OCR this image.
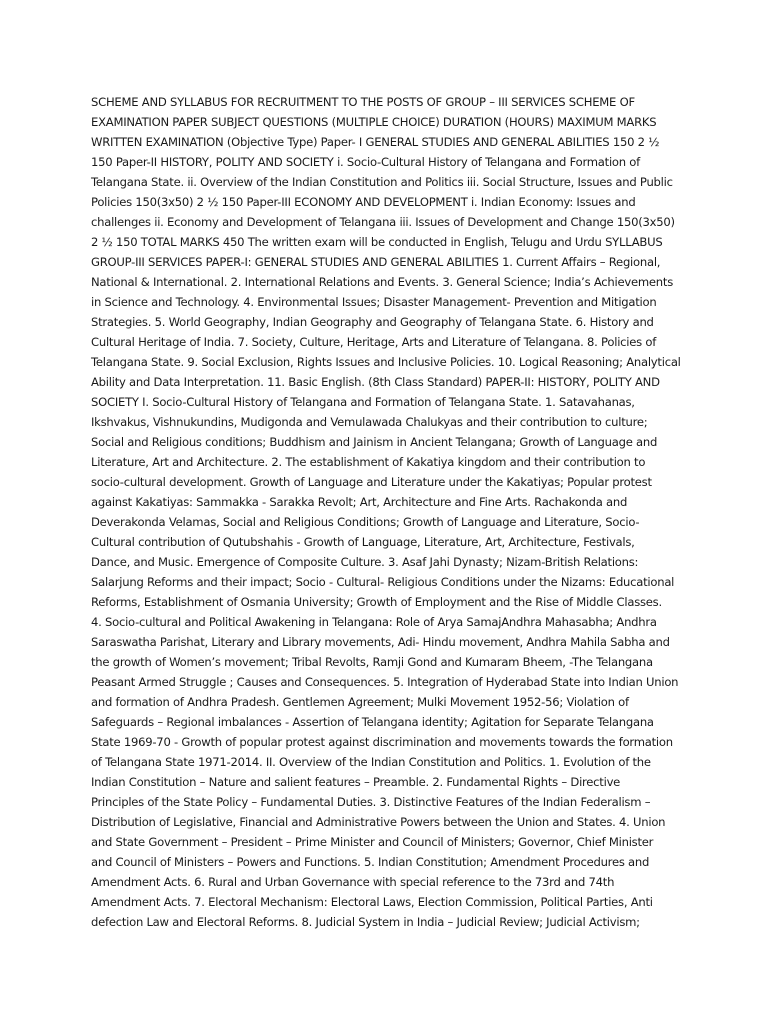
SCHEME AND SYLLABUS FOR RECRUITMENT TO THE POSTS OF GROUP – III SERVICES SCHEME OF
EXAMINATION PAPER SUBJECT QUESTIONS (MULTIPLE CHOICE) DURATION (HOURS) MAXIMUM MARKS
WRITTEN EXAMINATION (Objective Type) Paper- I GENERAL STUDIES AND GENERAL ABILITIES 150 2 ½
150 Paper-II HISTORY, POLITY AND SOCIETY i. Socio-Cultural History of Telangana and Formation of
Telangana State. ii. Overview of the Indian Constitution and Politics iii. Social Structure, Issues and Public
Policies 150(3x50) 2 ½ 150 Paper-III ECONOMY AND DEVELOPMENT i. Indian Economy: Issues and
challenges ii. Economy and Development of Telangana iii. Issues of Development and Change 150(3x50)
2 ½ 150 TOTAL MARKS 450 The written exam will be conducted in English, Telugu and Urdu SYLLABUS
GROUP-III SERVICES PAPER-I: GENERAL STUDIES AND GENERAL ABILITIES 1. Current Affairs – Regional,
National & International. 2. International Relations and Events. 3. General Science; India’s Achievements
in Science and Technology. 4. Environmental Issues; Disaster Management- Prevention and Mitigation
Strategies. 5. World Geography, Indian Geography and Geography of Telangana State. 6. History and
Cultural Heritage of India. 7. Society, Culture, Heritage, Arts and Literature of Telangana. 8. Policies of
Telangana State. 9. Social Exclusion, Rights Issues and Inclusive Policies. 10. Logical Reasoning; Analytical
Ability and Data Interpretation. 11. Basic English. (8th Class Standard) PAPER-II: HISTORY, POLITY AND
SOCIETY I. Socio-Cultural History of Telangana and Formation of Telangana State. 1. Satavahanas,
Ikshvakus, Vishnukundins, Mudigonda and Vemulawada Chalukyas and their contribution to culture;
Social and Religious conditions; Buddhism and Jainism in Ancient Telangana; Growth of Language and
Literature, Art and Architecture. 2. The establishment of Kakatiya kingdom and their contribution to
socio-cultural development. Growth of Language and Literature under the Kakatiyas; Popular protest
against Kakatiyas: Sammakka - Sarakka Revolt; Art, Architecture and Fine Arts. Rachakonda and
Deverakonda Velamas, Social and Religious Conditions; Growth of Language and Literature, Socio-
Cultural contribution of Qutubshahis - Growth of Language, Literature, Art, Architecture, Festivals,
Dance, and Music. Emergence of Composite Culture. 3. Asaf Jahi Dynasty; Nizam-British Relations:
Salarjung Reforms and their impact; Socio - Cultural- Religious Conditions under the Nizams: Educational
Reforms, Establishment of Osmania University; Growth of Employment and the Rise of Middle Classes.
4. Socio-cultural and Political Awakening in Telangana: Role of Arya SamajAndhra Mahasabha; Andhra
Saraswatha Parishat, Literary and Library movements, Adi- Hindu movement, Andhra Mahila Sabha and
the growth of Women’s movement; Tribal Revolts, Ramji Gond and Kumaram Bheem, -The Telangana
Peasant Armed Struggle ; Causes and Consequences. 5. Integration of Hyderabad State into Indian Union
and formation of Andhra Pradesh. Gentlemen Agreement; Mulki Movement 1952-56; Violation of
Safeguards – Regional imbalances - Assertion of Telangana identity; Agitation for Separate Telangana
State 1969-70 - Growth of popular protest against discrimination and movements towards the formation
of Telangana State 1971-2014. II. Overview of the Indian Constitution and Politics. 1. Evolution of the
Indian Constitution – Nature and salient features – Preamble. 2. Fundamental Rights – Directive
Principles of the State Policy – Fundamental Duties. 3. Distinctive Features of the Indian Federalism –
Distribution of Legislative, Financial and Administrative Powers between the Union and States. 4. Union
and State Government – President – Prime Minister and Council of Ministers; Governor, Chief Minister
and Council of Ministers – Powers and Functions. 5. Indian Constitution; Amendment Procedures and
Amendment Acts. 6. Rural and Urban Governance with special reference to the 73rd and 74th
Amendment Acts. 7. Electoral Mechanism: Electoral Laws, Election Commission, Political Parties, Anti
defection Law and Electoral Reforms. 8. Judicial System in India – Judicial Review; Judicial Activism;
